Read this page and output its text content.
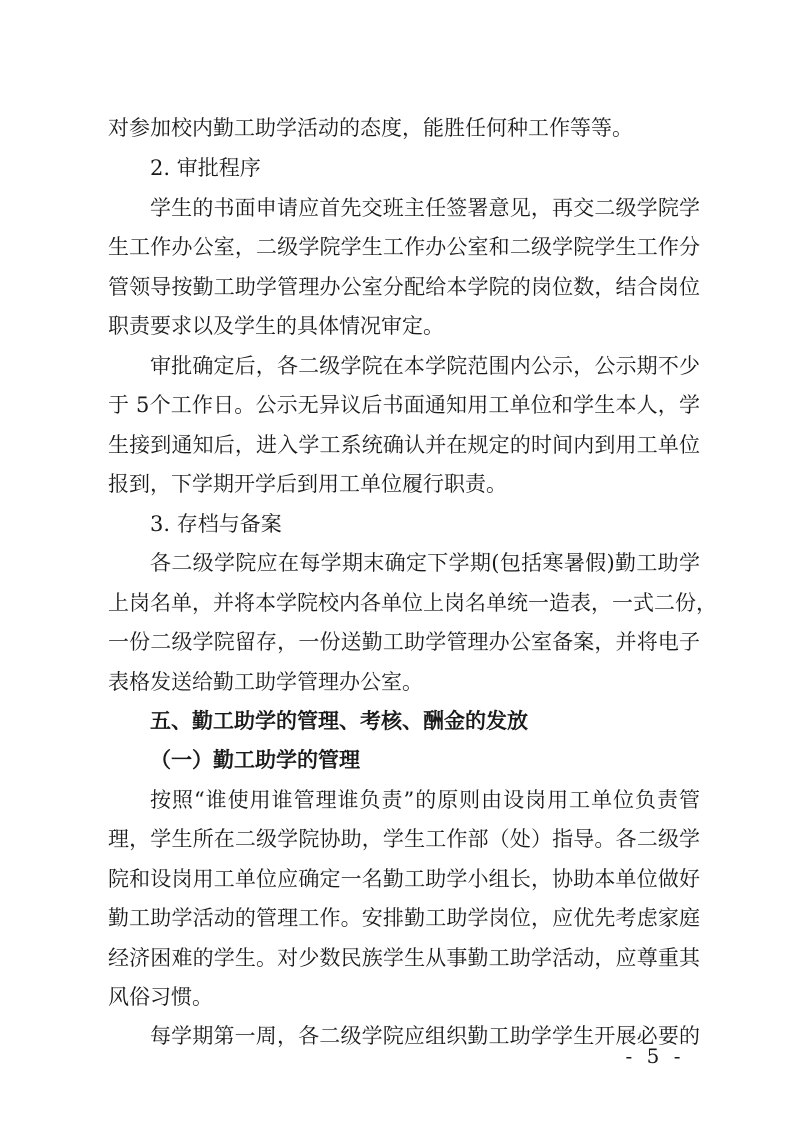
对参加校内勤工助学活动的态度，能胜任何种工作等等。
2. 审批程序
学生的书面申请应首先交班主任签署意见，再交二级学院学
生工作办公室，二级学院学生工作办公室和二级学院学生工作分
管领导按勤工助学管理办公室分配给本学院的岗位数，结合岗位
职责要求以及学生的具体情况审定。
审批确定后，各二级学院在本学院范围内公示，公示期不少
于 5个工作日。公示无异议后书面通知用工单位和学生本人，学
生接到通知后，进入学工系统确认并在规定的时间内到用工单位
报到，下学期开学后到用工单位履行职责。
3. 存档与备案
各二级学院应在每学期末确定下学期(包括寒暑假)勤工助学
上岗名单，并将本学院校内各单位上岗名单统一造表，一式二份，
一份二级学院留存，一份送勤工助学管理办公室备案，并将电子
表格发送给勤工助学管理办公室。
五、勤工助学的管理、考核、酬金的发放
（一）勤工助学的管理
按照“谁使用谁管理谁负责”的原则由设岗用工单位负责管
理，学生所在二级学院协助，学生工作部（处）指导。各二级学
院和设岗用工单位应确定一名勤工助学小组长，协助本单位做好
勤工助学活动的管理工作。安排勤工助学岗位，应优先考虑家庭
经济困难的学生。对少数民族学生从事勤工助学活动，应尊重其
风俗习惯。
每学期第一周，各二级学院应组织勤工助学学生开展必要的
- 5 -
